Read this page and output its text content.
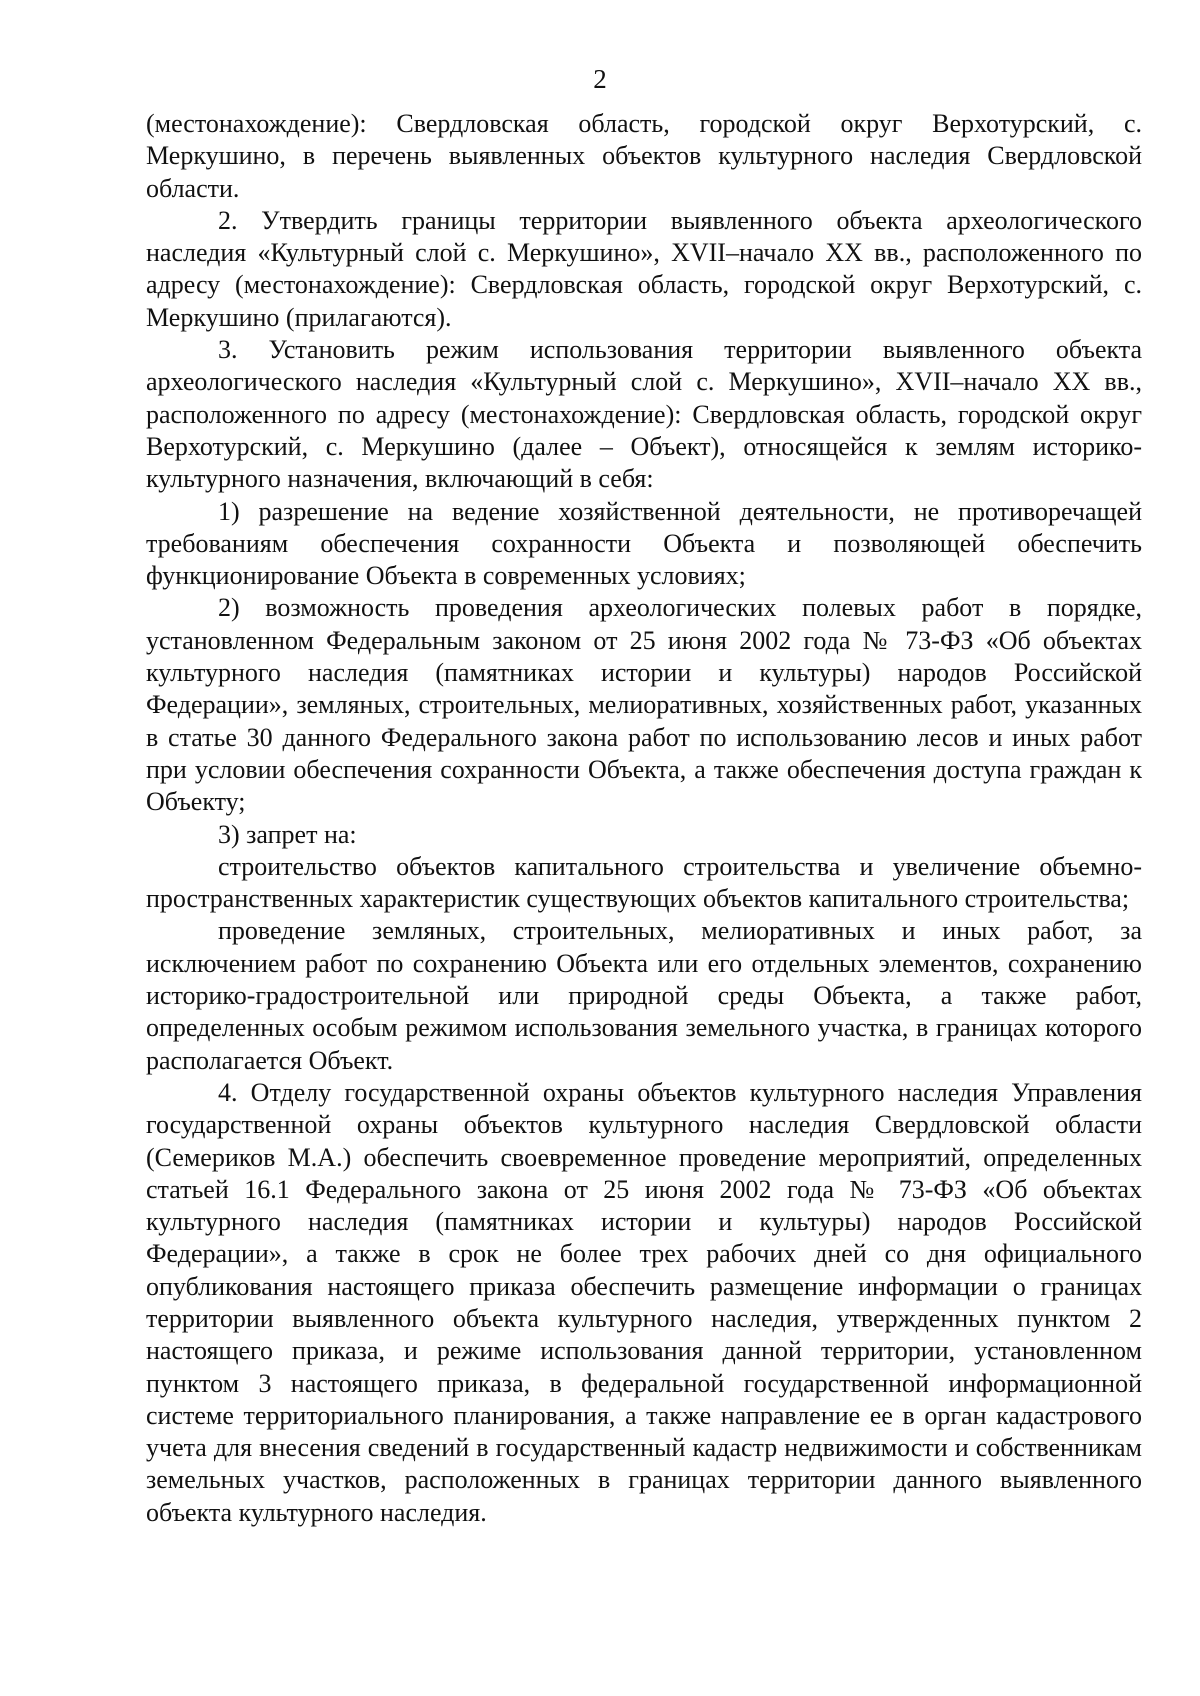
2

(местонахождение): Свердловская область, городской округ Верхотурский, с. Меркушино, в перечень выявленных объектов культурного наследия Свердловской области.

2. Утвердить границы территории выявленного объекта археологического наследия «Культурный слой с. Меркушино», XVII–начало XX вв., расположенного по адресу (местонахождение): Свердловская область, городской округ Верхотурский, с. Меркушино (прилагаются).

3. Установить режим использования территории выявленного объекта археологического наследия «Культурный слой с. Меркушино», XVII–начало XX вв., расположенного по адресу (местонахождение): Свердловская область, городской округ Верхотурский, с. Меркушино (далее – Объект), относящейся к землям историко-культурного назначения, включающий в себя:

1) разрешение на ведение хозяйственной деятельности, не противоречащей требованиям обеспечения сохранности Объекта и позволяющей обеспечить функционирование Объекта в современных условиях;

2) возможность проведения археологических полевых работ в порядке, установленном Федеральным законом от 25 июня 2002 года № 73-ФЗ «Об объектах культурного наследия (памятниках истории и культуры) народов Российской Федерации», земляных, строительных, мелиоративных, хозяйственных работ, указанных в статье 30 данного Федерального закона работ по использованию лесов и иных работ при условии обеспечения сохранности Объекта, а также обеспечения доступа граждан к Объекту;

3) запрет на:

строительство объектов капитального строительства и увеличение объемно-пространственных характеристик существующих объектов капитального строительства;

проведение земляных, строительных, мелиоративных и иных работ, за исключением работ по сохранению Объекта или его отдельных элементов, сохранению историко-градостроительной или природной среды Объекта, а также работ, определенных особым режимом использования земельного участка, в границах которого располагается Объект.

4. Отделу государственной охраны объектов культурного наследия Управления государственной охраны объектов культурного наследия Свердловской области (Семериков М.А.) обеспечить своевременное проведение мероприятий, определенных статьей 16.1 Федерального закона от 25 июня 2002 года № 73-ФЗ «Об объектах культурного наследия (памятниках истории и культуры) народов Российской Федерации», а также в срок не более трех рабочих дней со дня официального опубликования настоящего приказа обеспечить размещение информации о границах территории выявленного объекта культурного наследия, утвержденных пунктом 2 настоящего приказа, и режиме использования данной территории, установленном пунктом 3 настоящего приказа, в федеральной государственной информационной системе территориального планирования, а также направление ее в орган кадастрового учета для внесения сведений в государственный кадастр недвижимости и собственникам земельных участков, расположенных в границах территории данного выявленного объекта культурного наследия.
